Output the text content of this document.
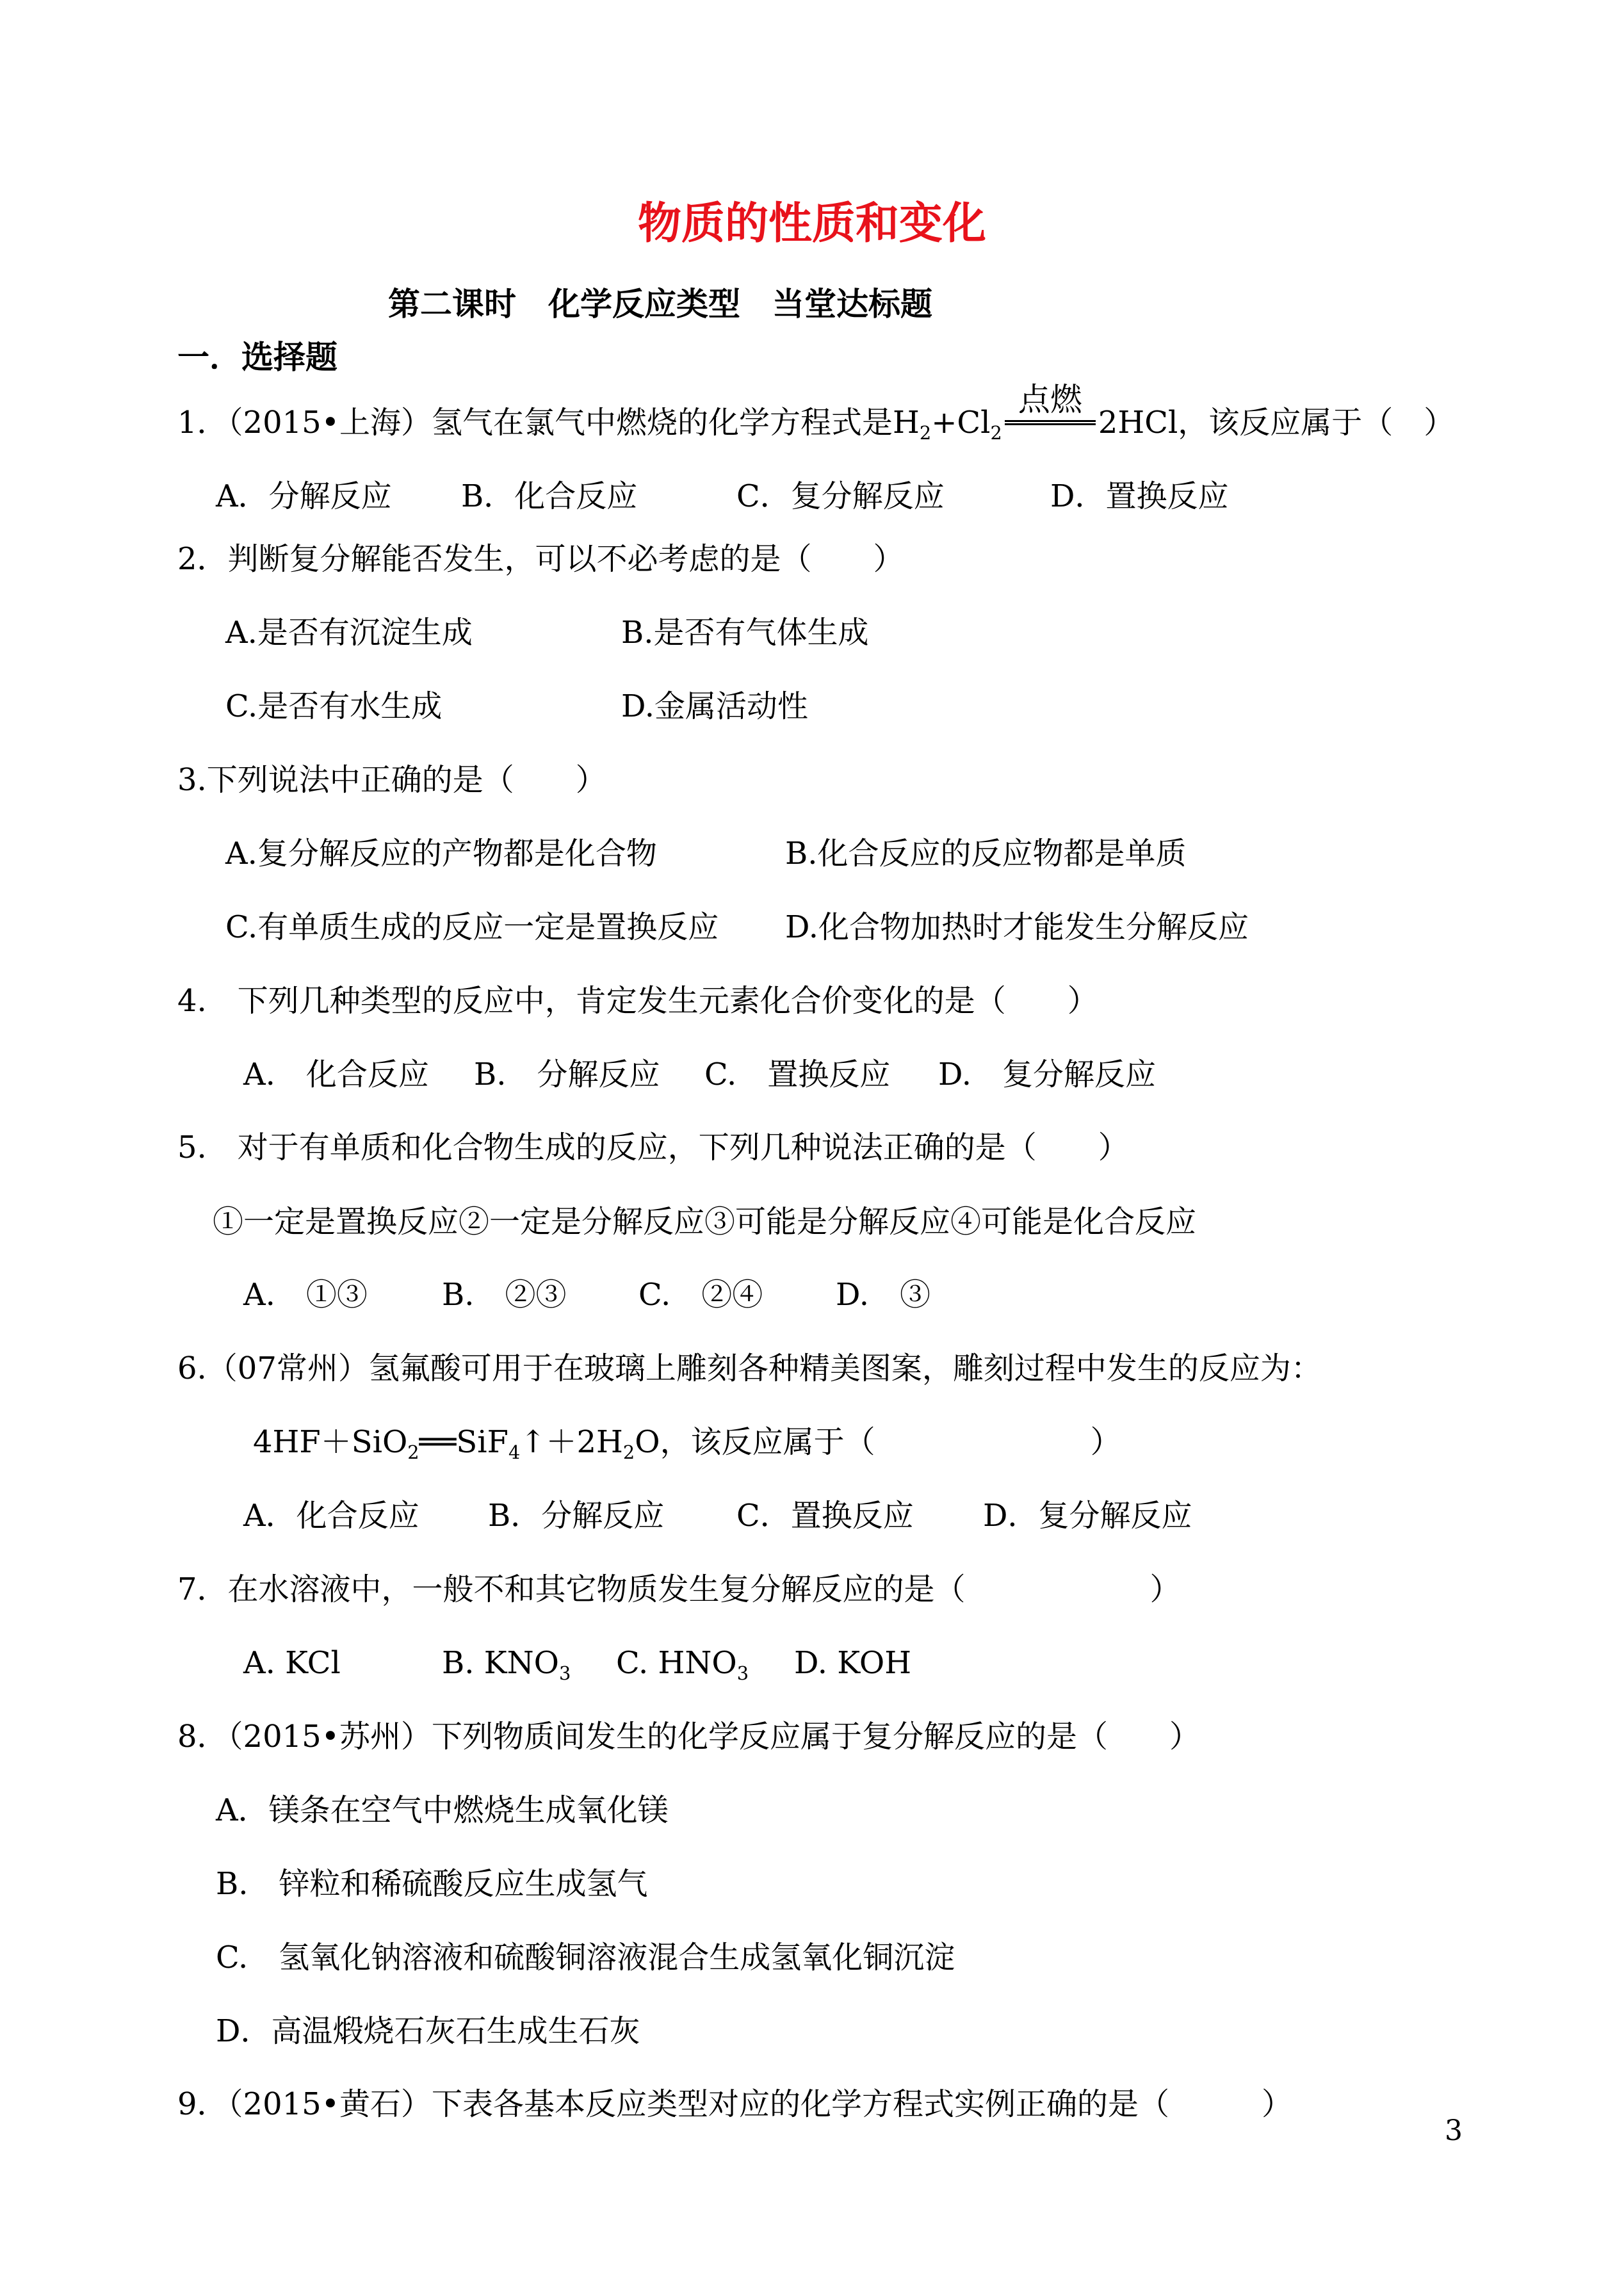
物质的性质和变化
第二课时　化学反应类型　当堂达标题
一．选择题
1．（2015•上海）氢气在氯气中燃烧的化学方程式是$H_2+Cl_2$
点燃
2HCl，该反应属于（　）
A．分解反应 B．化合反应	C．复分解反应	D．置换反应
2．判断复分解能否发生，可以不必考虑的是（　　）
A.是否有沉淀生成	B.是否有气体生成
C.是否有水生成	D.金属活动性
3.下列说法中正确的是（　　）
A.复分解反应的产物都是化合物	B.化合反应的反应物都是单质
C.有单质生成的反应一定是置换反应 D.化合物加热时才能发生分解反应
4.　下列几种类型的反应中，肯定发生元素化合价变化的是（　　）
A.　化合反应 B.　分解反应 C.　置换反应 D.　复分解反应
5.　对于有单质和化合物生成的反应，下列几种说法正确的是（　　）
①一定是置换反应②一定是分解反应③可能是分解反应④可能是化合反应
A.　①③ B.　②③ C.　②④ D.　③
6.（07常州）氢氟酸可用于在玻璃上雕刻各种精美图案，雕刻过程中发生的反应为：
$4HF+SiO_2══SiF_4↑+2H_2O$，该反应属于（　　　　　　　）
A．化合反应 B．分解反应 C．置换反应 D．复分解反应
7．在水溶液中，一般不和其它物质发生复分解反应的是（　　　　　　）
A. KCl	B. $KNO_3$ C. $HNO_3$ D. KOH
8．（2015•苏州）下列物质间发生的化学反应属于复分解反应的是（　　）
A．镁条在空气中燃烧生成氧化镁
B.　锌粒和稀硫酸反应生成氢气
C.　氢氧化钠溶液和硫酸铜溶液混合生成氢氧化铜沉淀
D．高温煅烧石灰石生成生石灰
9．（2015•黄石）下表各基本反应类型对应的化学方程式实例正确的是（　　　）
3
